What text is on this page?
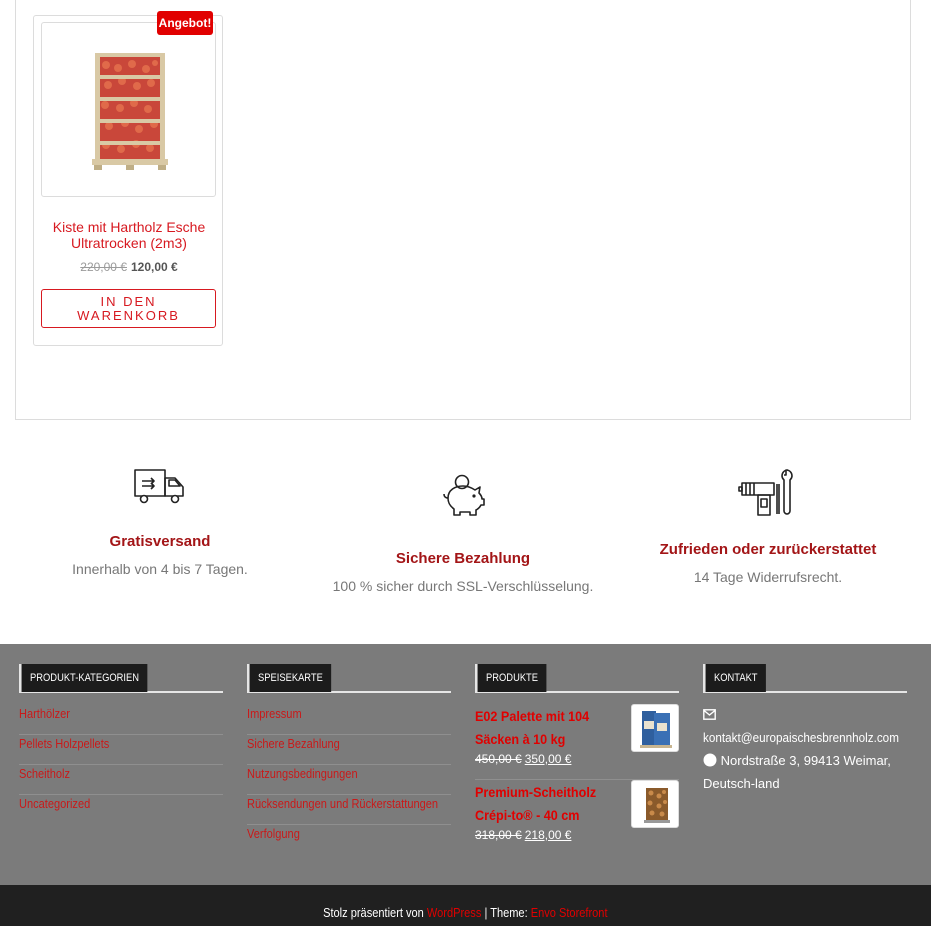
Kiste mit Hartholz Esche Ultratrocken (2m3)
220,00 € 120,00 €
IN DEN WARENKORB
Angebot!
Gratisversand
Innerhalb von 4 bis 7 Tagen.
Sichere Bezahlung
100 % sicher durch SSL-Verschlüsselung.
Zufrieden oder zurückerstattet
14 Tage Widerrufsrecht.
PRODUKT-KATEGORIEN
Harthölzer
Pellets Holzpellets
Scheitholz
Uncategorized
SPEISEKARTE
Impressum
Sichere Bezahlung
Nutzungsbedingungen
Rücksendungen und Rückerstattungen
Verfolgung
PRODUKTE
E02 Palette mit 104 Säcken à 10 kg
450,00 € 350,00 €
Premium-Scheitholz Crépi-to® - 40 cm
318,00 € 218,00 €
KONTAKT
kontakt@europaischesbrennholz.com
Nordstraße 3, 99413 Weimar, Deutsch-land
Stolz präsentiert von WordPress | Theme: Envo Storefront
